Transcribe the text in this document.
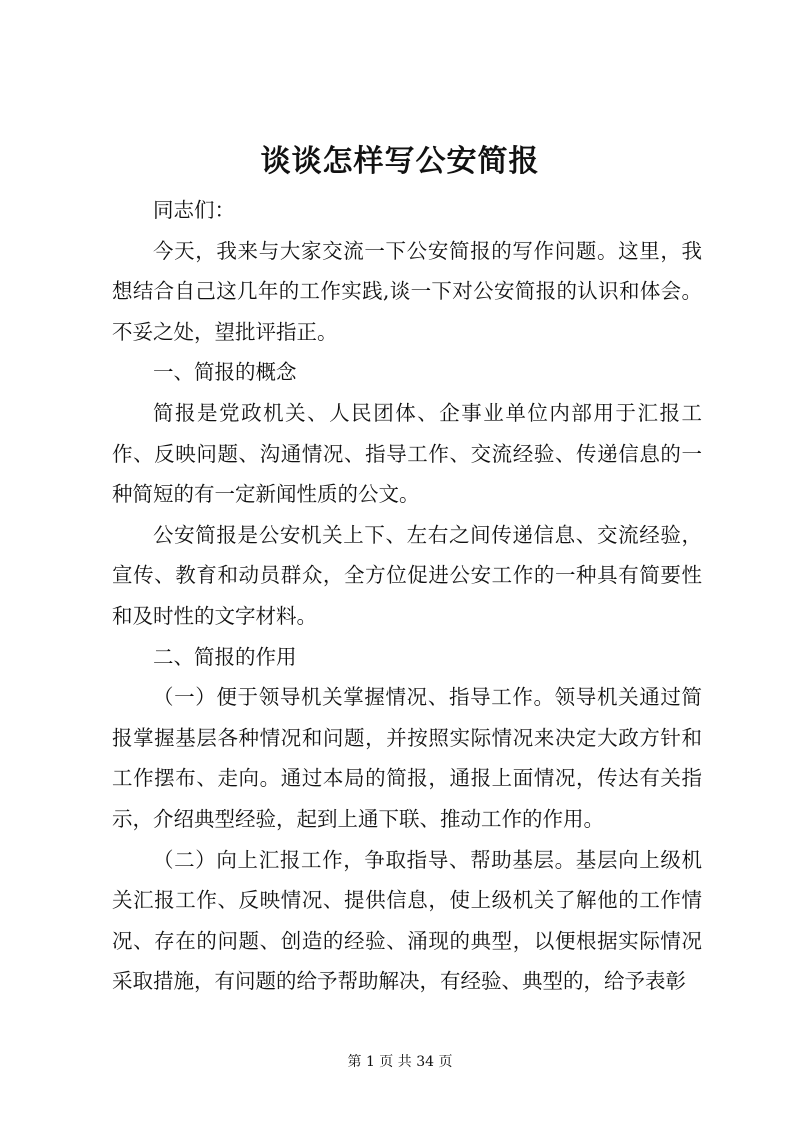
谈谈怎样写公安简报

同志们：

今天，我来与大家交流一下公安简报的写作问题。这里，我想结合自己这几年的工作实践,谈一下对公安简报的认识和体会。不妥之处，望批评指正。

一、简报的概念

简报是党政机关、人民团体、企事业单位内部用于汇报工作、反映问题、沟通情况、指导工作、交流经验、传递信息的一种简短的有一定新闻性质的公文。

公安简报是公安机关上下、左右之间传递信息、交流经验，宣传、教育和动员群众，全方位促进公安工作的一种具有简要性和及时性的文字材料。

二、简报的作用

（一）便于领导机关掌握情况、指导工作。领导机关通过简报掌握基层各种情况和问题，并按照实际情况来决定大政方针和工作摆布、走向。通过本局的简报，通报上面情况，传达有关指示，介绍典型经验，起到上通下联、推动工作的作用。

（二）向上汇报工作，争取指导、帮助基层。基层向上级机关汇报工作、反映情况、提供信息，使上级机关了解他的工作情况、存在的问题、创造的经验、涌现的典型，以便根据实际情况采取措施，有问题的给予帮助解决，有经验、典型的，给予表彰

第 1 页 共 34 页
